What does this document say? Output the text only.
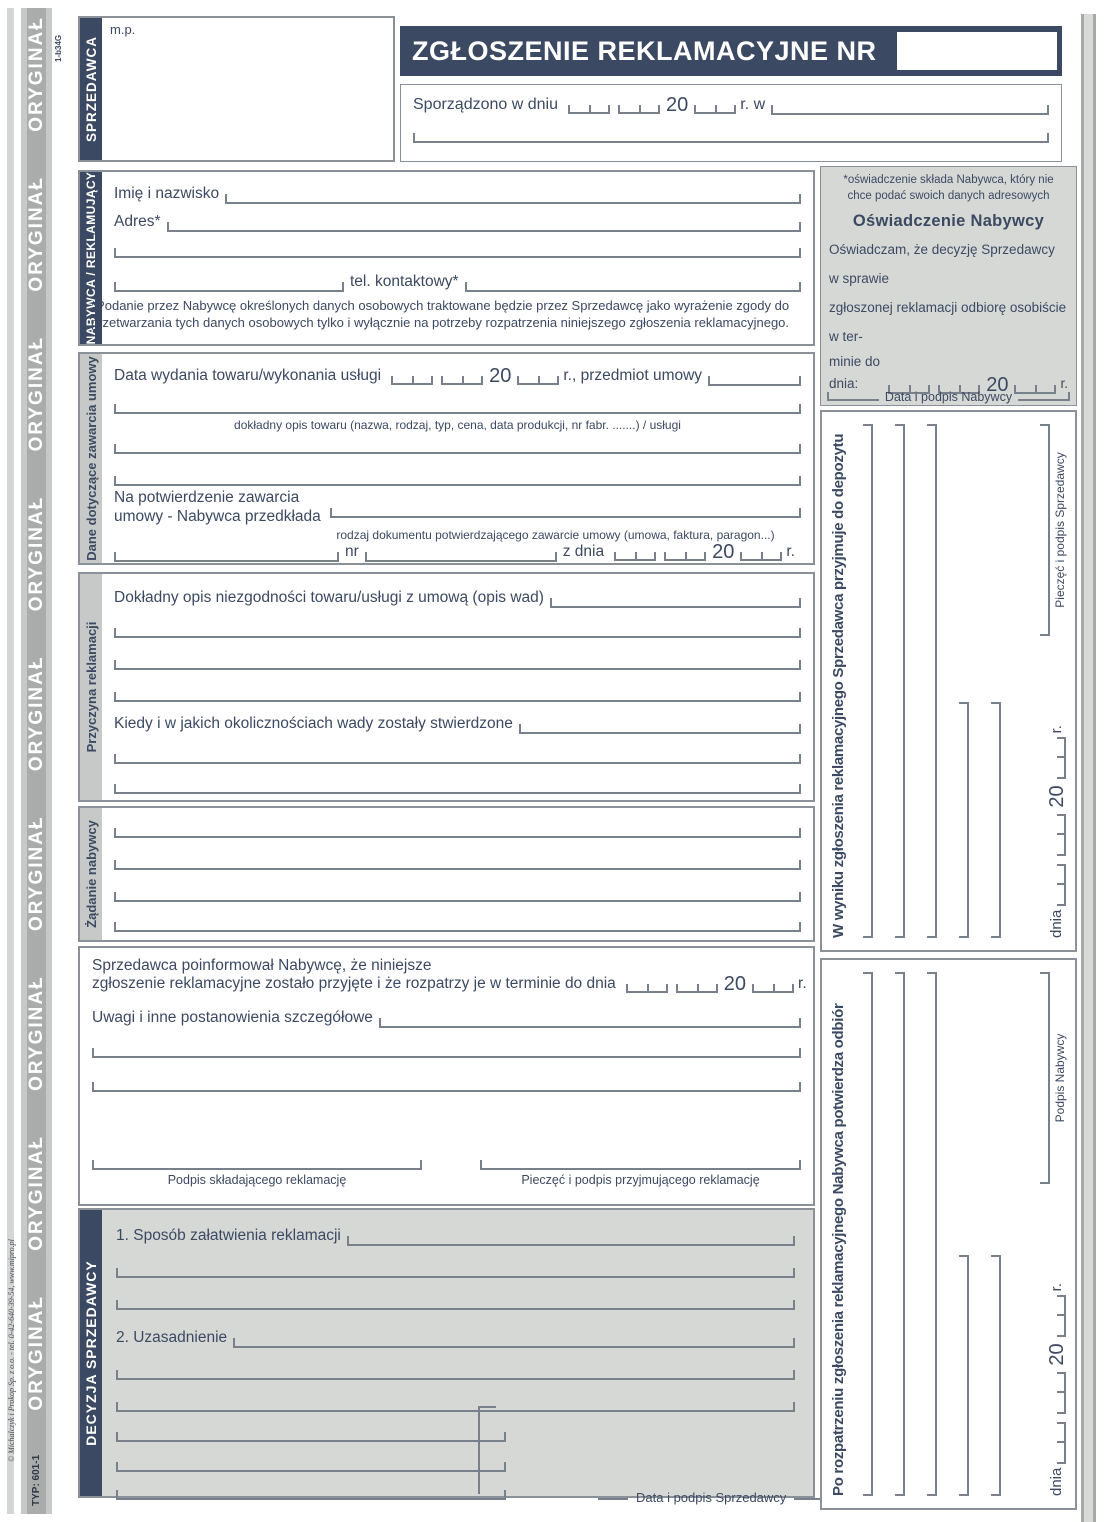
TYP: 601-1
ORYGINAŁ
ORYGINAŁ
ORYGINAŁ
ORYGINAŁ
ORYGINAŁ
ORYGINAŁ
ORYGINAŁ
ORYGINAŁ
ORYGINAŁ
© Michalczyk i Prokop Sp. z o.o. - tel. 0-42-640-39-54, www.mipro.pl
1-b34G SPRZEDAWCA
m.p.
ZGŁOSZENIE REKLAMACYJNE NR
Sporządzono w dniu	20	r. w
NABYWCA / REKLAMUJĄCY Imię i nazwisko
Adres*
tel. kontaktowy*
*Podanie przez Nabywcę określonych danych osobowych traktowane będzie przez Sprzedawcę jako wyrażenie zgody do przetwarzania tych danych osobowych tylko i wyłącznie na potrzeby rozpatrzenia niniejszego zgłoszenia reklamacyjnego.
*oświadczenie składa Nabywca, który nie
chce podać swoich danych adresowych
Oświadczenie Nabywcy
Oświadczam, że decyzję Sprzedawcy w sprawie
zgłoszonej reklamacji odbiorę osobiście w ter-
minie do dnia:	20	r.
Data i podpis Nabywcy
Dane dotyczące zawarcia umowy Data wydania towaru/wykonania usługi	20	r., przedmiot umowy
dokładny opis towaru (nazwa, rodzaj, typ, cena, data produkcji, nr fabr. .......) / usługi
Na potwierdzenie zawarcia
umowy - Nabywca przedkłada
rodzaj dokumentu potwierdzającego zawarcie umowy (umowa, faktura, paragon...)
nr	z dnia	20	r.
Przyczyna reklamacji
Dokładny opis niezgodności towaru/usługi z umową (opis wad)
Kiedy i w jakich okolicznościach wady zostały stwierdzone
Żądanie nabywcy
Sprzedawca poinformował Nabywcę, że niniejsze
zgłoszenie reklamacyjne zostało przyjęte i że rozpatrzy je w terminie do dnia	20	r.
Uwagi i inne postanowienia szczegółowe
Podpis składającego reklamację	Pieczęć i podpis przyjmującego reklamację
DECYZJA SPRZEDAWCY
1. Sposób załatwienia reklamacji
2. Uzasadnienie
Data i podpis Sprzedawcy
W wyniku zgłoszenia reklamacyjnego Sprzedawca przyjmuje do depozytu	dnia
20
r.
Pieczęć i podpis Sprzedawcy
Po rozpatrzeniu zgłoszenia reklamacyjnego Nabywca potwierdza odbiór	dnia
20
r.
Podpis Nabywcy
